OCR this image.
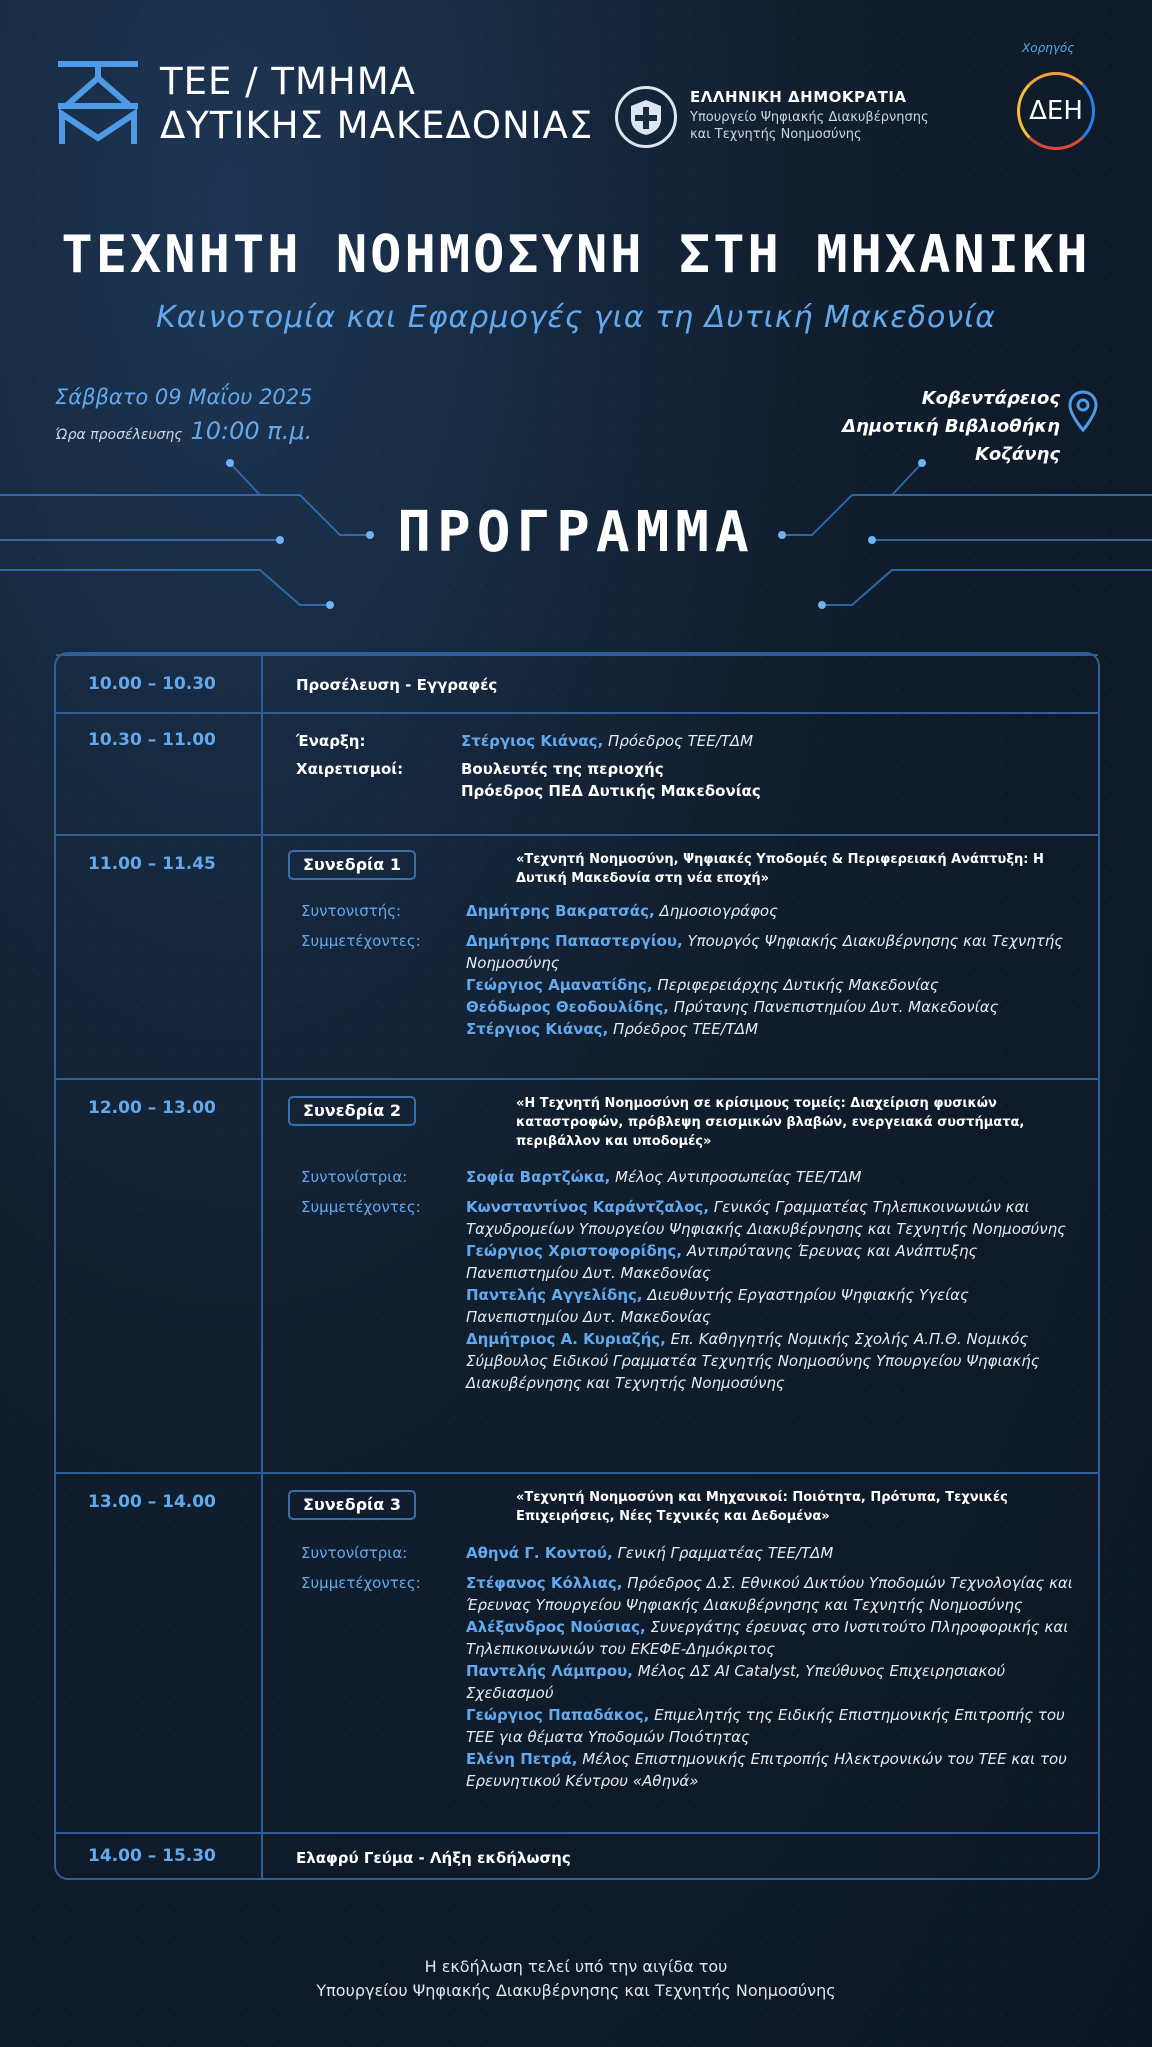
TEE / ΤΜΗΜΑ
ΔΥΤΙΚΗΣ ΜΑΚΕΔΟΝΙΑΣ
ΕΛΛΗΝΙΚΗ ΔΗΜΟΚΡΑΤΙΑ
Υπουργείο Ψηφιακής Διακυβέρνησης
και Τεχνητής Νοημοσύνης
Χορηγός
ΔΕΗ
ΤΕΧΝΗΤΗ ΝΟΗΜΟΣΥΝΗ ΣΤΗ ΜΗΧΑΝΙΚΗ
Καινοτομία και Εφαρμογές για τη Δυτική Μακεδονία
Σάββατο 09 Μαΐου 2025
Ώρα προσέλευσης 10:00 π.μ.
Κοβεντάρειος
Δημοτική Βιβλιοθήκη
Κοζάνης
ΠΡΟΓΡΑΜΜΑ
10.00 – 10.30	Προσέλευση - Εγγραφές
10.30 – 11.00	Έναρξη:	Στέργιος Κιάνας, Πρόεδρος ΤΕΕ/ΤΔΜ
Χαιρετισμοί:	Βουλευτές της περιοχής
Πρόεδρος ΠΕΔ Δυτικής Μακεδονίας
11.00 – 11.45	Συνεδρία 1	«Τεχνητή Νοημοσύνη, Ψηφιακές Υποδομές & Περιφερειακή Ανάπτυξη: Η Δυτική Μακεδονία στη νέα εποχή»
Συντονιστής:	Δημήτρης Βακρατσάς, Δημοσιογράφος
Συμμετέχοντες:	Δημήτρης Παπαστεργίου, Υπουργός Ψηφιακής Διακυβέρνησης και Τεχνητής Νοημοσύνης
Γεώργιος Αμανατίδης, Περιφερειάρχης Δυτικής Μακεδονίας
Θεόδωρος Θεοδουλίδης, Πρύτανης Πανεπιστημίου Δυτ. Μακεδονίας
Στέργιος Κιάνας, Πρόεδρος ΤΕΕ/ΤΔΜ
12.00 – 13.00	Συνεδρία 2	«Η Τεχνητή Νοημοσύνη σε κρίσιμους τομείς: Διαχείριση φυσικών καταστροφών, πρόβλεψη σεισμικών βλαβών, ενεργειακά συστήματα, περιβάλλον και υποδομές»
Συντονίστρια:	Σοφία Βαρτζώκα, Μέλος Αντιπροσωπείας ΤΕΕ/ΤΔΜ
Συμμετέχοντες:	Κωνσταντίνος Καράντζαλος, Γενικός Γραμματέας Τηλεπικοινωνιών και Ταχυδρομείων Υπουργείου Ψηφιακής Διακυβέρνησης και Τεχνητής Νοημοσύνης
Γεώργιος Χριστοφορίδης, Αντιπρύτανης Έρευνας και Ανάπτυξης Πανεπιστημίου Δυτ. Μακεδονίας
Παντελής Αγγελίδης, Διευθυντής Εργαστηρίου Ψηφιακής Υγείας Πανεπιστημίου Δυτ. Μακεδονίας
Δημήτριος Α. Κυριαζής, Επ. Καθηγητής Νομικής Σχολής Α.Π.Θ. Νομικός Σύμβουλος Ειδικού Γραμματέα Τεχνητής Νοημοσύνης Υπουργείου Ψηφιακής Διακυβέρνησης και Τεχνητής Νοημοσύνης
13.00 – 14.00	Συνεδρία 3	«Τεχνητή Νοημοσύνη και Μηχανικοί: Ποιότητα, Πρότυπα, Τεχνικές Επιχειρήσεις, Νέες Τεχνικές και Δεδομένα»
Συντονίστρια:	Αθηνά Γ. Κοντού, Γενική Γραμματέας ΤΕΕ/ΤΔΜ
Συμμετέχοντες:	Στέφανος Κόλλιας, Πρόεδρος Δ.Σ. Εθνικού Δικτύου Υποδομών Τεχνολογίας και Έρευνας Υπουργείου Ψηφιακής Διακυβέρνησης και Τεχνητής Νοημοσύνης
Αλέξανδρος Νούσιας, Συνεργάτης έρευνας στο Ινστιτούτο Πληροφορικής και Τηλεπικοινωνιών του ΕΚΕΦΕ-Δημόκριτος
Παντελής Λάμπρου, Μέλος ΔΣ AI Catalyst, Υπεύθυνος Επιχειρησιακού Σχεδιασμού
Γεώργιος Παπαδάκος, Επιμελητής της Ειδικής Επιστημονικής Επιτροπής του ΤΕΕ για θέματα Υποδομών Ποιότητας
Ελένη Πετρά, Μέλος Επιστημονικής Επιτροπής Ηλεκτρονικών του ΤΕΕ και του Ερευνητικού Κέντρου «Αθηνά»
14.00 – 15.30	Ελαφρύ Γεύμα - Λήξη εκδήλωσης
Η εκδήλωση τελεί υπό την αιγίδα του
Υπουργείου Ψηφιακής Διακυβέρνησης και Τεχνητής Νοημοσύνης
